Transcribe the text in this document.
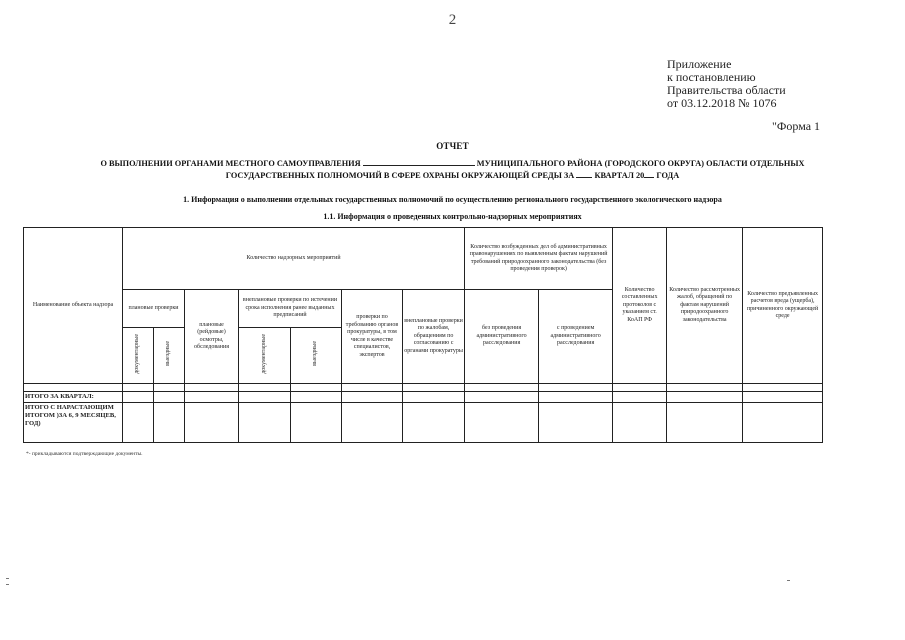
2
Приложение
к постановлению
Правительства области
от 03.12.2018 № 1076
"Форма 1
ОТЧЕТ
О ВЫПОЛНЕНИИ ОРГАНАМИ МЕСТНОГО САМОУПРАВЛЕНИЯ	МУНИЦИПАЛЬНОГО РАЙОНА (ГОРОДСКОГО ОКРУГА) ОБЛАСТИ ОТДЕЛЬНЫХ
ГОСУДАРСТВЕННЫХ ПОЛНОМОЧИЙ В СФЕРЕ ОХРАНЫ ОКРУЖАЮЩЕЙ СРЕДЫ ЗА КВАРТАЛ 20 ГОДА
1. Информация о выполнении отдельных государственных полномочий по осуществлению регионального государственного экологического надзора
1.1. Информация о проведенных контрольно-надзорных мероприятиях
Наименование объекта надзора	Количество надзорных мероприятий							Количество возбужденных дел об административных правонарушениях по выявленным фактам нарушений требований природоохранного законодательства (без проведения проверок)		Количество составленных протоколов с указанием ст. КоАП РФ	Количество рассмотренных жалоб, обращений по фактам нарушений природоохранного законодательства	Количество предъявленных расчетов вреда (ущерба), причиненного окружающей среде
	плановые проверки		плановые (рейдовые) осмотры, обследования	внеплановые проверки по истечении срока исполнения ранее выданных предписаний		проверки по требованию органов прокуратуры, в том числе в качестве специалистов, экспертов	внеплановые проверки по жалобам, обращениям по согласованию с органами прокуратуры	без проведения административного расследования	с проведением административного расследования			
	документарные	выездные		документарные	выездные							

ИТОГО ЗА КВАРТАЛ:												
ИТОГО С НАРАСТАЮЩИМ ИТОГОМ )ЗА 6, 9 МЕСЯЦЕВ, ГОД)												
*- прикладываются подтверждающие документы.
